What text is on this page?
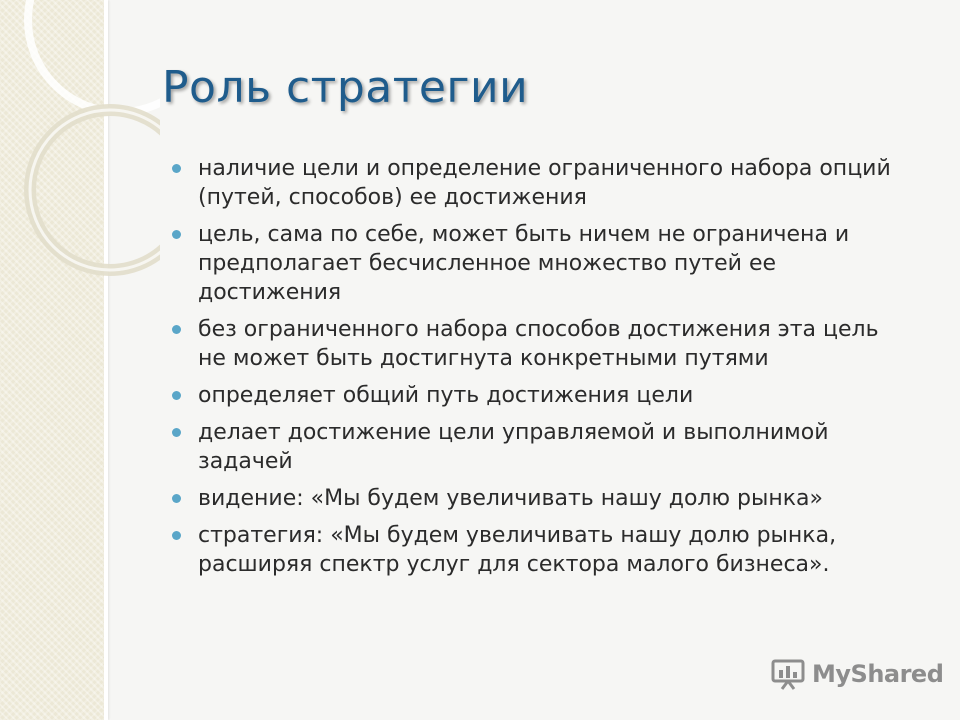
Роль стратегии
наличие цели и определение ограниченного набора опций (путей, способов) ее достижения
цель, сама по себе, может быть ничем не ограничена и предполагает бесчисленное множество путей ее достижения
без ограниченного набора способов достижения эта цель не может быть достигнута конкретными путями
определяет общий путь достижения цели
делает достижение цели управляемой и выполнимой задачей
видение: «Мы будем увеличивать нашу долю рынка»
стратегия: «Мы будем увеличивать нашу долю рынка, расширяя спектр услуг для сектора малого бизнеса».
MyShared
